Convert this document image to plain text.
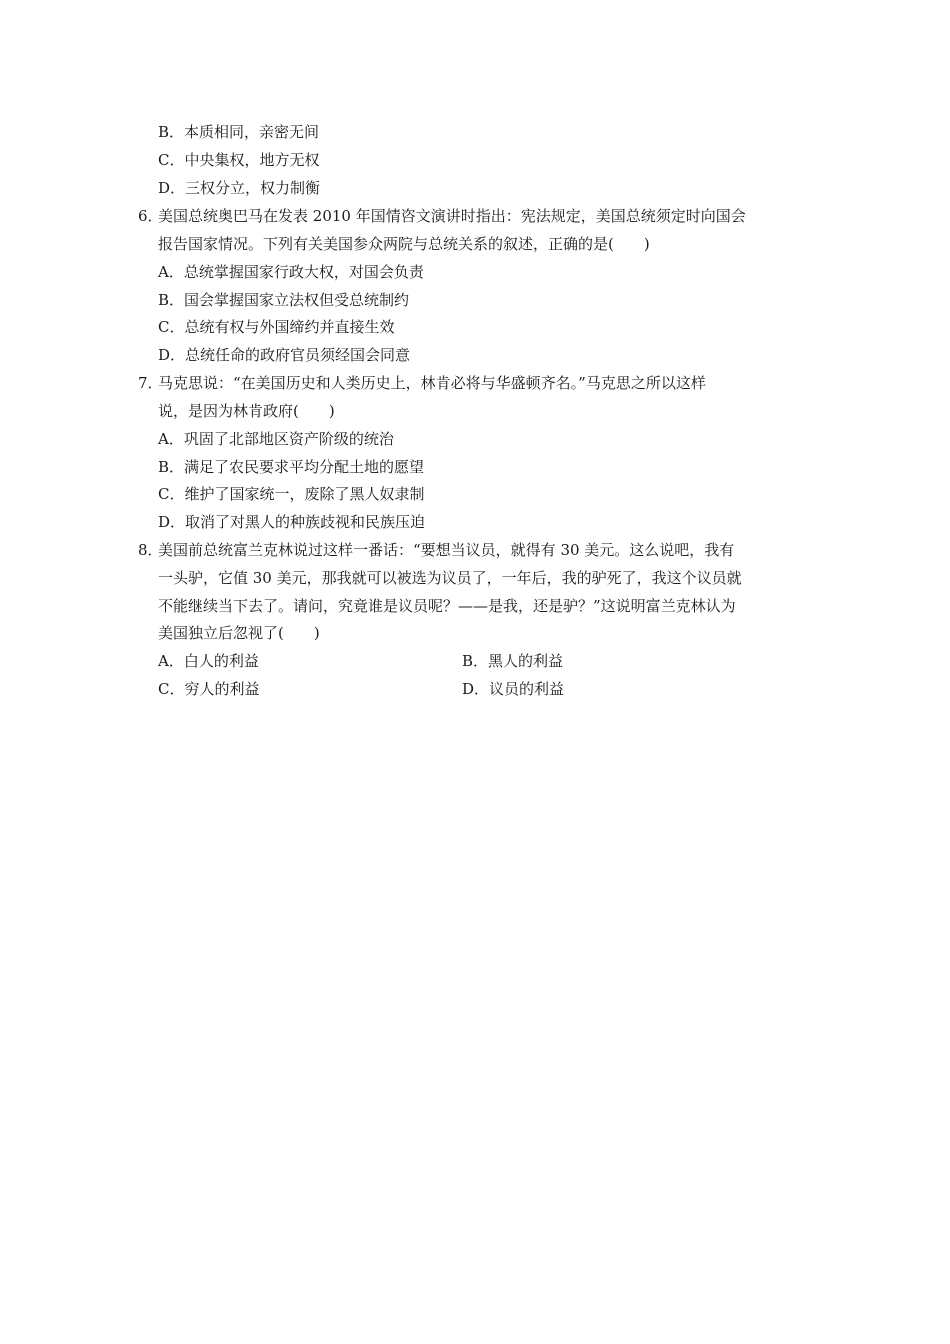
B．本质相同，亲密无间
C．中央集权，地方无权
D．三权分立，权力制衡
6．
美国总统奥巴马在发表 2010 年国情咨文演讲时指出：宪法规定，美国总统须定时向国会
报告国家情况。下列有关美国参众两院与总统关系的叙述，正确的是(　　)
A．总统掌握国家行政大权，对国会负责
B．国会掌握国家立法权但受总统制约
C．总统有权与外国缔约并直接生效
D．总统任命的政府官员须经国会同意
7．
马克思说：“在美国历史和人类历史上，林肯必将与华盛顿齐名。”马克思之所以这样
说，是因为林肯政府(　　)
A．巩固了北部地区资产阶级的统治
B．满足了农民要求平均分配土地的愿望
C．维护了国家统一，废除了黑人奴隶制
D．取消了对黑人的种族歧视和民族压迫
8．
美国前总统富兰克林说过这样一番话：“要想当议员，就得有 30 美元。这么说吧，我有
一头驴，它值 30 美元，那我就可以被选为议员了，一年后，我的驴死了，我这个议员就
不能继续当下去了。请问，究竟谁是议员呢？——是我，还是驴？”这说明富兰克林认为
美国独立后忽视了(　　)
A．白人的利益	B．黑人的利益
C．穷人的利益	D．议员的利益
